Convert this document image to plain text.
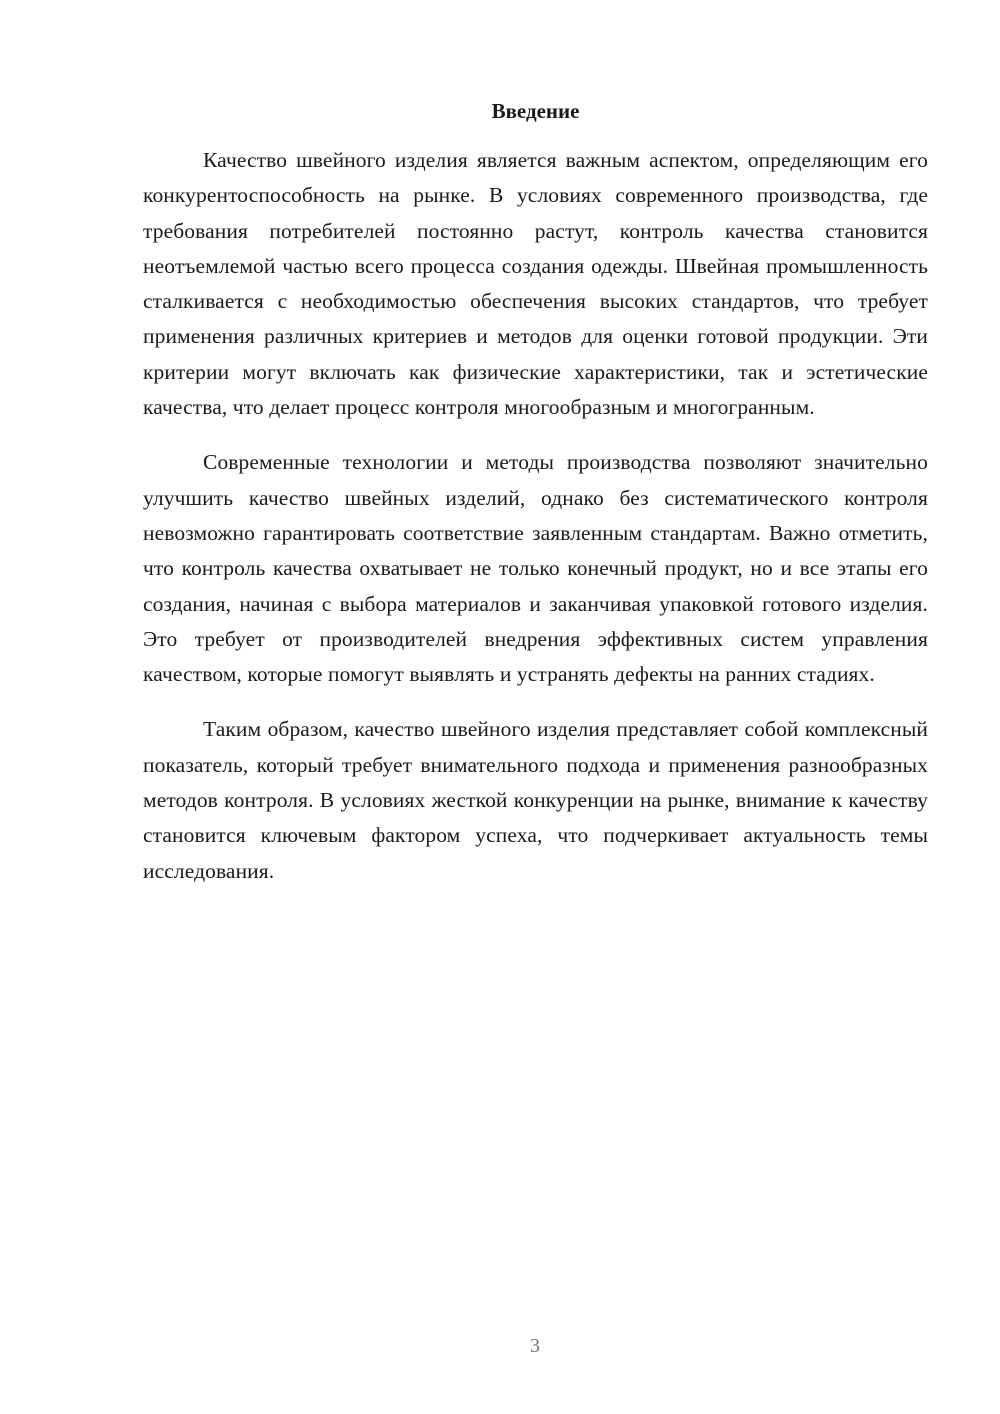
Введение

Качество швейного изделия является важным аспектом, определяющим его конкурентоспособность на рынке. В условиях современного производства, где требования потребителей постоянно растут, контроль качества становится неотъемлемой частью всего процесса создания одежды. Швейная промышленность сталкивается с необходимостью обеспечения высоких стандартов, что требует применения различных критериев и методов для оценки готовой продукции. Эти критерии могут включать как физические характеристики, так и эстетические качества, что делает процесс контроля многообразным и многогранным.

Современные технологии и методы производства позволяют значительно улучшить качество швейных изделий, однако без систематического контроля невозможно гарантировать соответствие заявленным стандартам. Важно отметить, что контроль качества охватывает не только конечный продукт, но и все этапы его создания, начиная с выбора материалов и заканчивая упаковкой готового изделия. Это требует от производителей внедрения эффективных систем управления качеством, которые помогут выявлять и устранять дефекты на ранних стадиях.

Таким образом, качество швейного изделия представляет собой комплексный показатель, который требует внимательного подхода и применения разнообразных методов контроля. В условиях жесткой конкуренции на рынке, внимание к качеству становится ключевым фактором успеха, что подчеркивает актуальность темы исследования.

3
